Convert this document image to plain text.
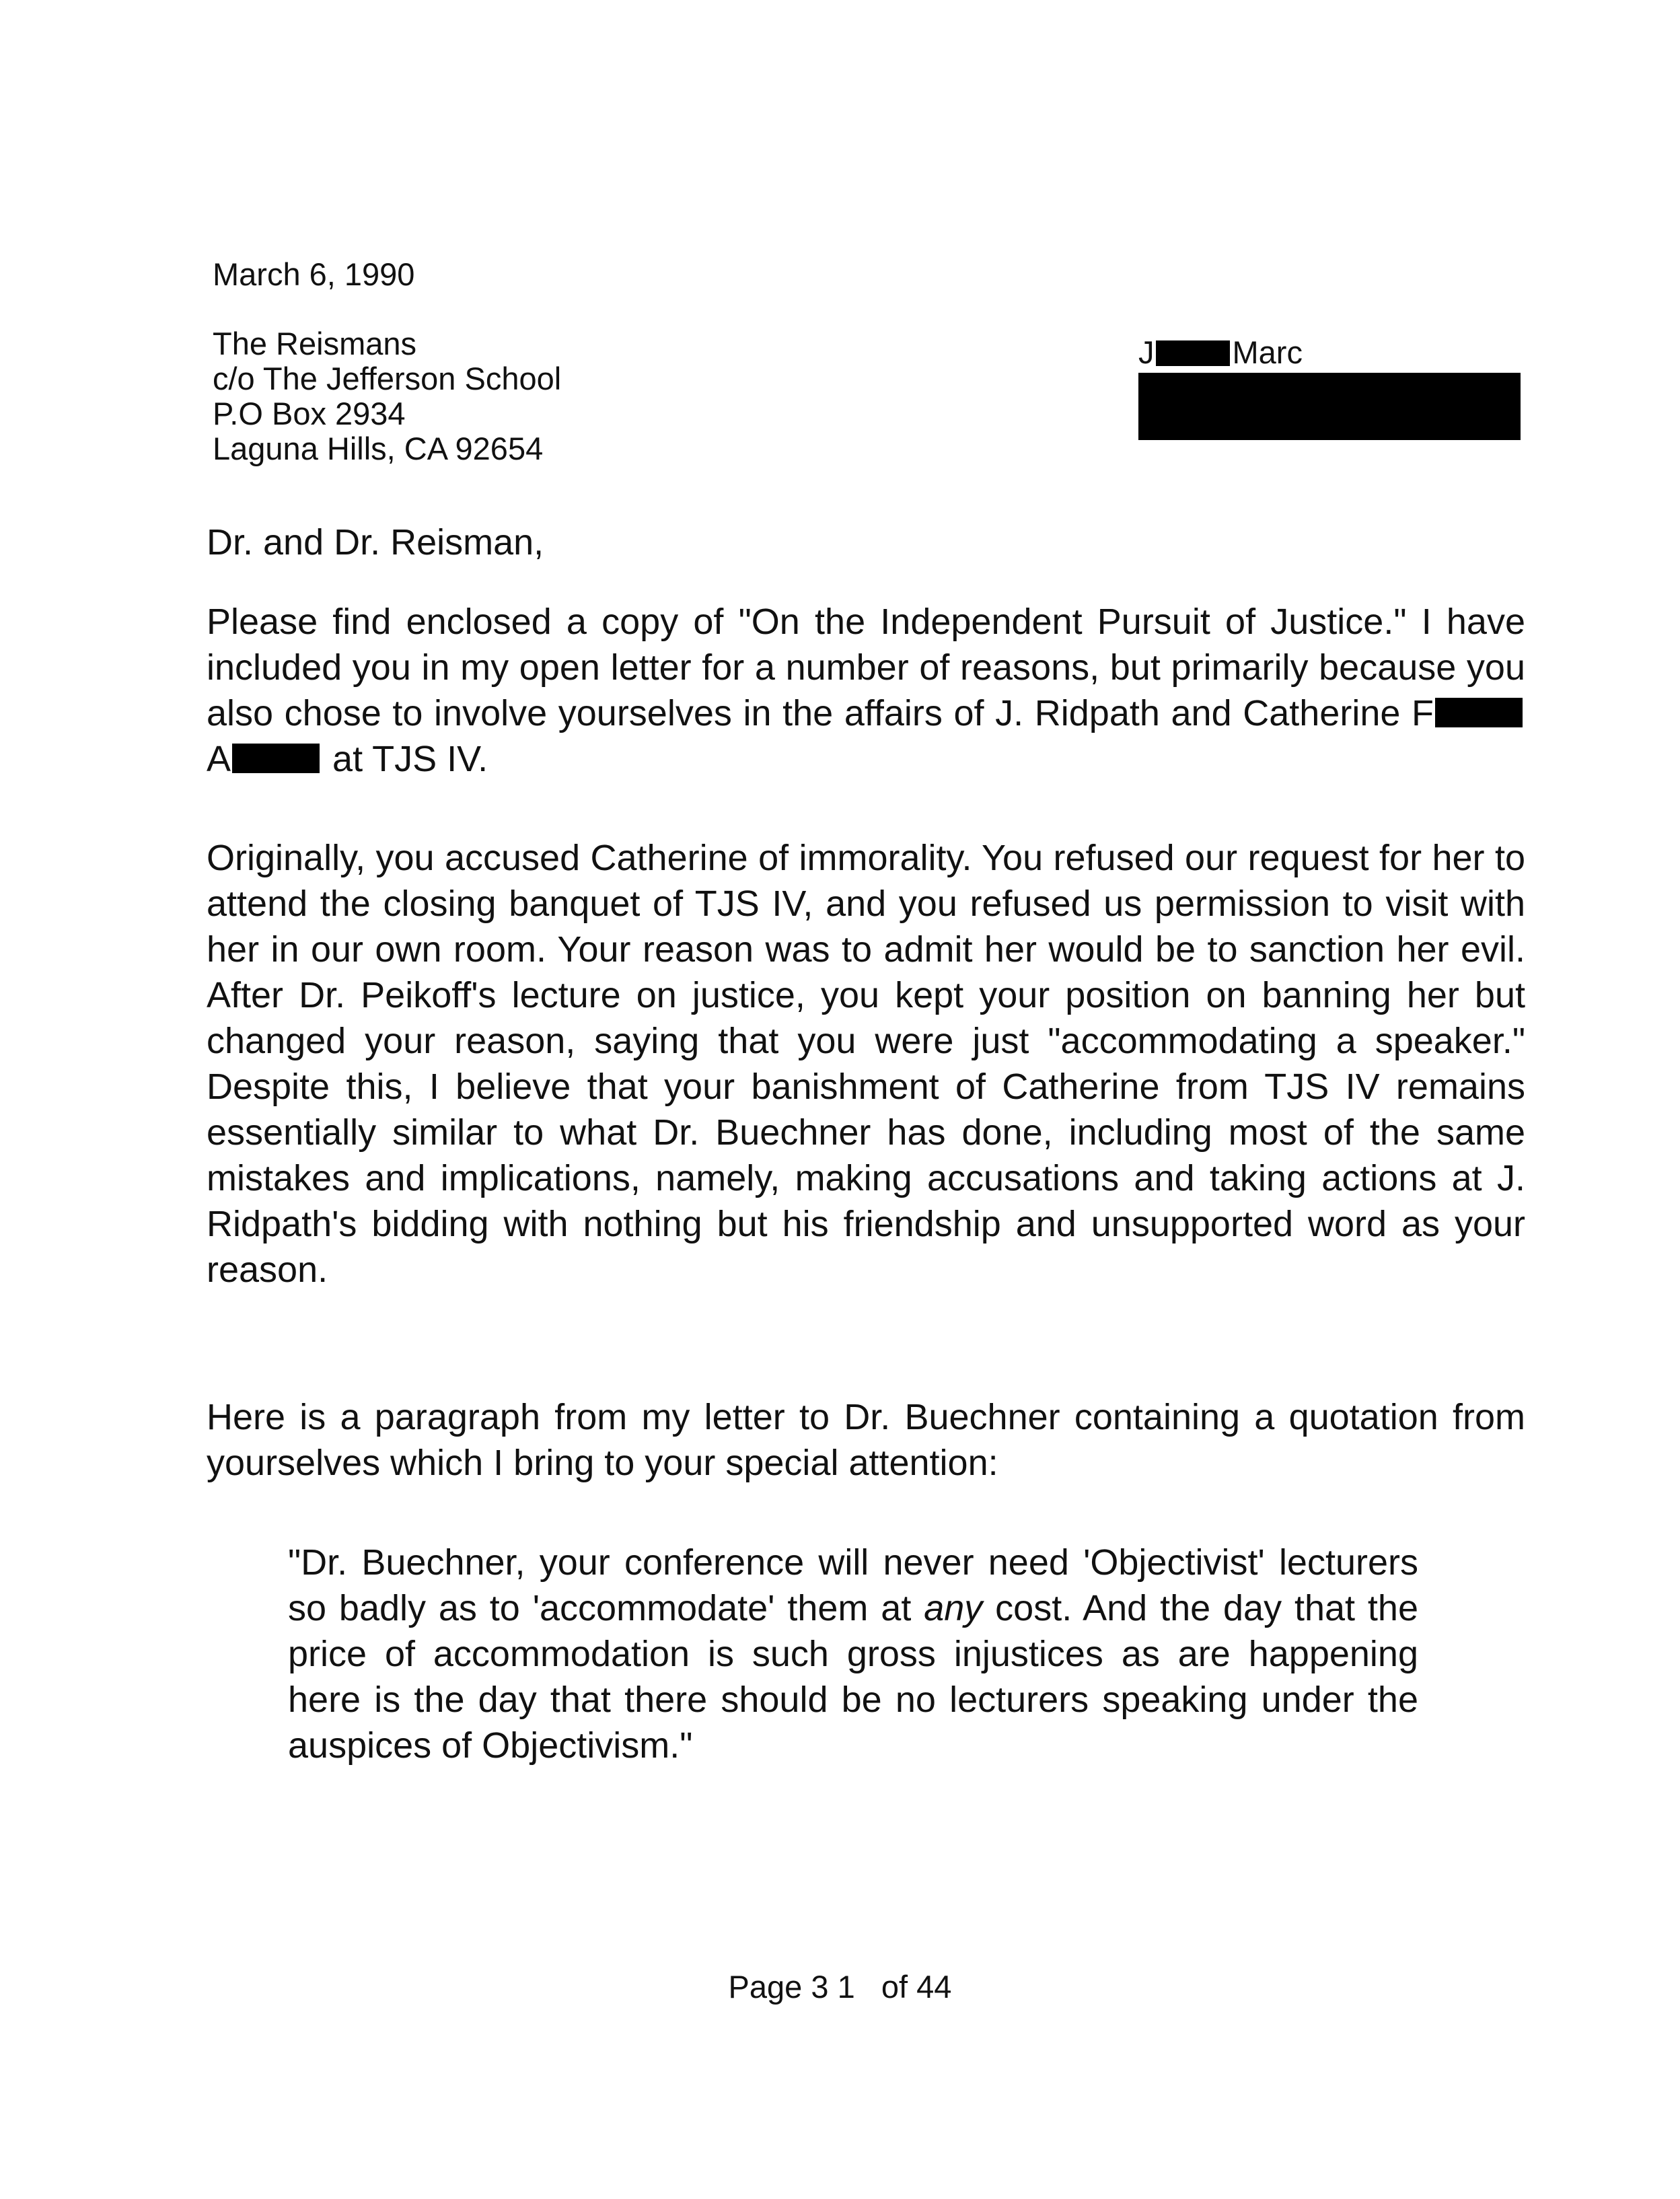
March 6, 1990
The Reismans
c/o The Jefferson School
P.O Box 2934
Laguna Hills, CA 92654
J Marc
Dr. and Dr. Reisman,
Please find enclosed a copy of "On the Independent Pursuit of Justice." I have included you in my open letter for a number of reasons, but primarily because you also chose to involve yourselves in the affairs of J. Ridpath and Catherine F A	at TJS IV.
Originally, you accused Catherine of immorality. You refused our request for her to attend the closing banquet of TJS IV, and you refused us permission to visit with her in our own room. Your reason was to admit her would be to sanction her evil. After Dr. Peikoff's lecture on justice, you kept your position on banning her but changed your reason, saying that you were just "accommodating a speaker." Despite this, I believe that your banishment of Catherine from TJS IV remains essentially similar to what Dr. Buechner has done, including most of the same mistakes and implications, namely, making accusations and taking actions at J. Ridpath's bidding with nothing but his friendship and unsupported word as your reason.
Here is a paragraph from my letter to Dr. Buechner containing a quotation from yourselves which I bring to your special attention:
"Dr. Buechner, your conference will never need 'Objectivist' lecturers so badly as to 'accommodate' them at any cost. And the day that the price of accommodation is such gross injustices as are happening here is the day that there should be no lecturers speaking under the auspices of Objectivism."
Page 3 1 of 44
